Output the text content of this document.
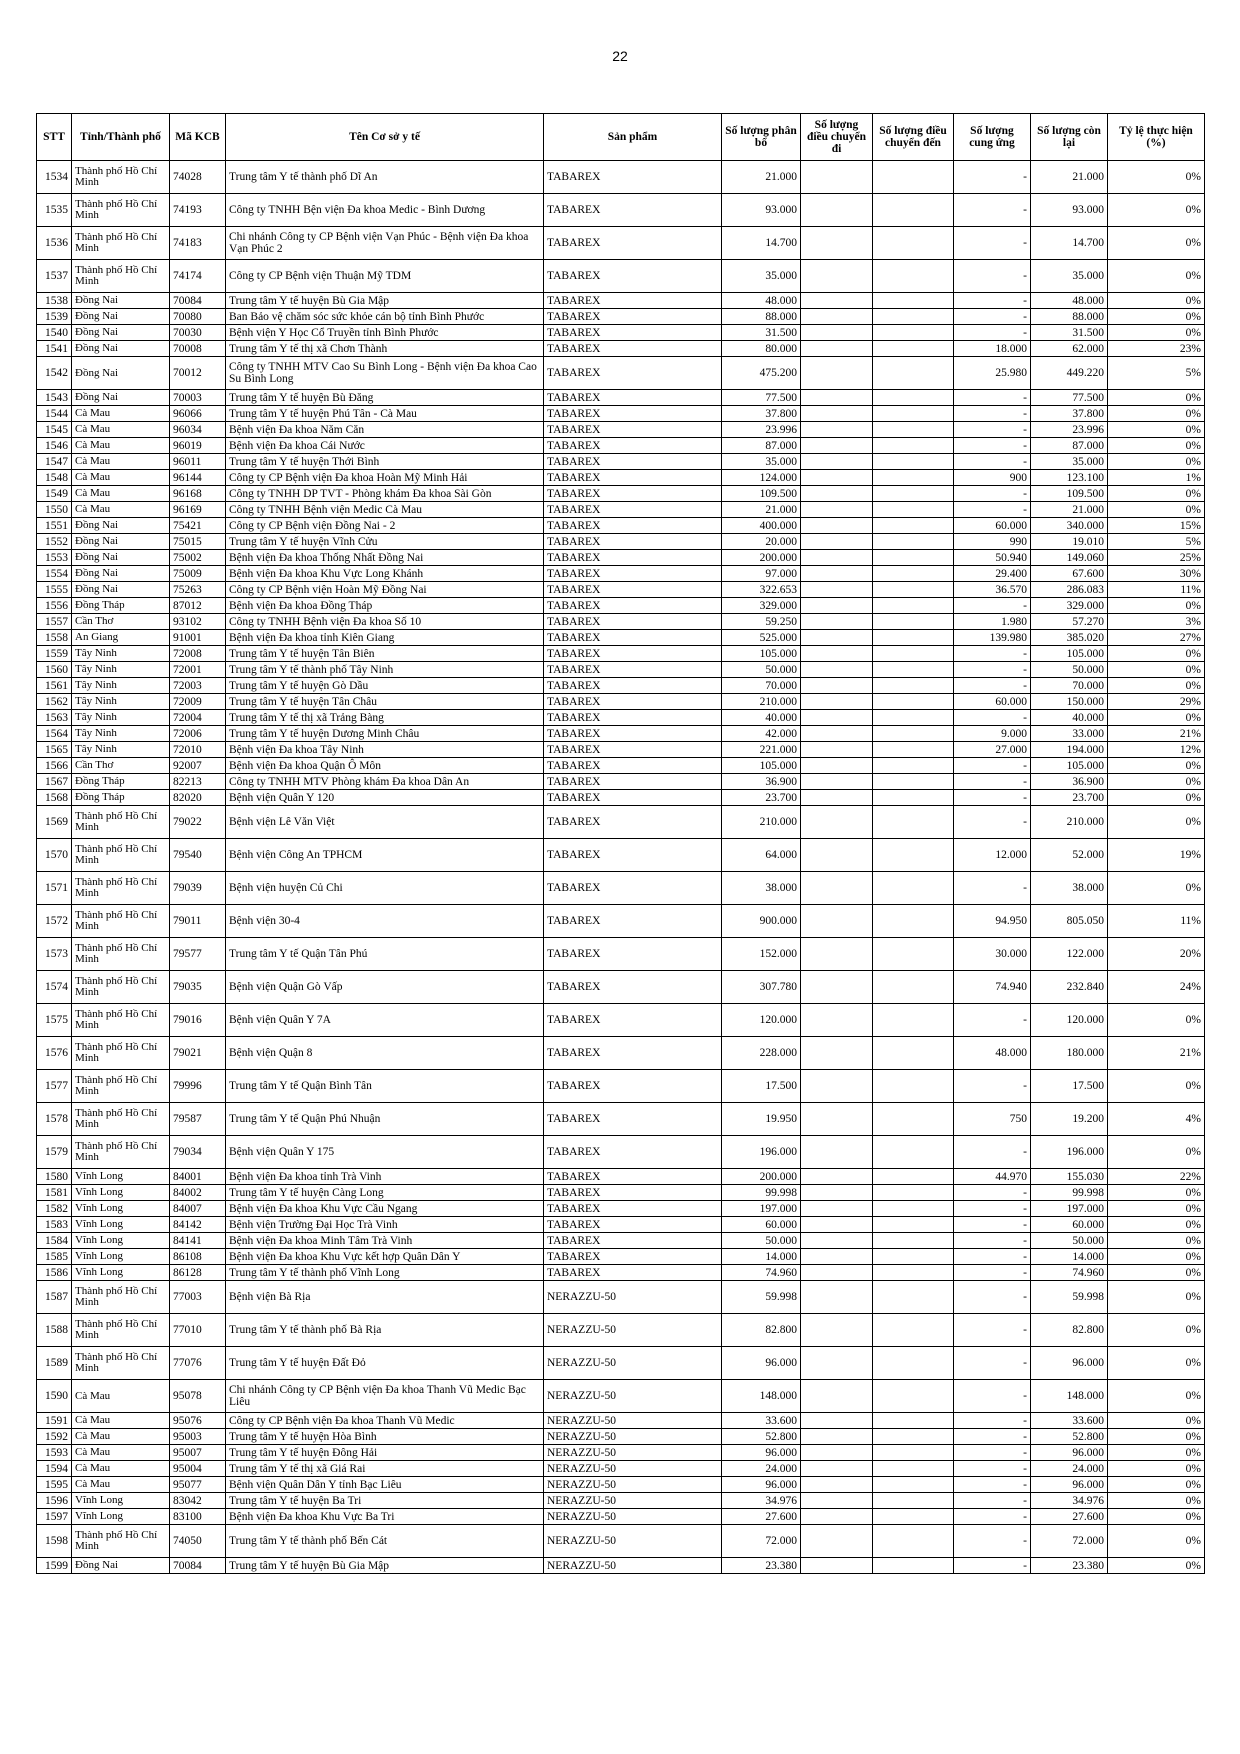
22
STT	Tỉnh/Thành phố	Mã KCB	Tên Cơ sở y tế	Sản phẩm	Số lượng phân bổ	Số lượng điều chuyển đi	Số lượng điều chuyển đến	Số lượng cung ứng	Số lượng còn lại	Tỷ lệ thực hiện (%)
1534	Thành phố Hồ Chí Minh	74028	Trung tâm Y tế thành phố Dĩ An	TABAREX	21.000			-	21.000	0%
1535	Thành phố Hồ Chí Minh	74193	Công ty TNHH Bện viện Đa khoa Medic - Bình Dương	TABAREX	93.000			-	93.000	0%
1536	Thành phố Hồ Chí Minh	74183	Chi nhánh Công ty CP Bệnh viện Vạn Phúc - Bệnh viện Đa khoa Vạn Phúc 2	TABAREX	14.700			-	14.700	0%
1537	Thành phố Hồ Chí Minh	74174	Công ty CP Bệnh viện Thuận Mỹ TDM	TABAREX	35.000			-	35.000	0%
1538	Đồng Nai	70084	Trung tâm Y tế huyện Bù Gia Mập	TABAREX	48.000			-	48.000	0%
1539	Đồng Nai	70080	Ban Bảo vệ chăm sóc sức khỏe cán bộ tỉnh Bình Phước	TABAREX	88.000			-	88.000	0%
1540	Đồng Nai	70030	Bệnh viện Y Học Cổ Truyền tỉnh Bình Phước	TABAREX	31.500			-	31.500	0%
1541	Đồng Nai	70008	Trung tâm Y tế thị xã Chơn Thành	TABAREX	80.000			18.000	62.000	23%
1542	Đồng Nai	70012	Công ty TNHH MTV Cao Su Bình Long - Bệnh viện Đa khoa Cao Su Bình Long	TABAREX	475.200			25.980	449.220	5%
1543	Đồng Nai	70003	Trung tâm Y tế huyện Bù Đăng	TABAREX	77.500			-	77.500	0%
1544	Cà Mau	96066	Trung tâm Y tế huyện Phú Tân - Cà Mau	TABAREX	37.800			-	37.800	0%
1545	Cà Mau	96034	Bệnh viện Đa khoa Năm Căn	TABAREX	23.996			-	23.996	0%
1546	Cà Mau	96019	Bệnh viện Đa khoa Cái Nước	TABAREX	87.000			-	87.000	0%
1547	Cà Mau	96011	Trung tâm Y tế huyện Thới Bình	TABAREX	35.000			-	35.000	0%
1548	Cà Mau	96144	Công ty CP Bệnh viện Đa khoa Hoàn Mỹ Minh Hải	TABAREX	124.000			900	123.100	1%
1549	Cà Mau	96168	Công ty TNHH DP TVT - Phòng khám Đa khoa Sài Gòn	TABAREX	109.500			-	109.500	0%
1550	Cà Mau	96169	Công ty TNHH Bệnh viện Medic Cà Mau	TABAREX	21.000			-	21.000	0%
1551	Đồng Nai	75421	Công ty CP Bệnh viện Đồng Nai - 2	TABAREX	400.000			60.000	340.000	15%
1552	Đồng Nai	75015	Trung tâm Y tế huyện Vĩnh Cửu	TABAREX	20.000			990	19.010	5%
1553	Đồng Nai	75002	Bệnh viện Đa khoa Thống Nhất Đồng Nai	TABAREX	200.000			50.940	149.060	25%
1554	Đồng Nai	75009	Bệnh viện Đa khoa Khu Vực Long Khánh	TABAREX	97.000			29.400	67.600	30%
1555	Đồng Nai	75263	Công ty CP Bệnh viện Hoàn Mỹ Đồng Nai	TABAREX	322.653			36.570	286.083	11%
1556	Đồng Tháp	87012	Bệnh viện Đa khoa Đồng Tháp	TABAREX	329.000			-	329.000	0%
1557	Cần Thơ	93102	Công ty TNHH Bệnh viện Đa khoa Số 10	TABAREX	59.250			1.980	57.270	3%
1558	An Giang	91001	Bệnh viện Đa khoa tỉnh Kiên Giang	TABAREX	525.000			139.980	385.020	27%
1559	Tây Ninh	72008	Trung tâm Y tế huyện Tân Biên	TABAREX	105.000			-	105.000	0%
1560	Tây Ninh	72001	Trung tâm Y tế thành phố Tây Ninh	TABAREX	50.000			-	50.000	0%
1561	Tây Ninh	72003	Trung tâm Y tế huyện Gò Dầu	TABAREX	70.000			-	70.000	0%
1562	Tây Ninh	72009	Trung tâm Y tế huyện Tân Châu	TABAREX	210.000			60.000	150.000	29%
1563	Tây Ninh	72004	Trung tâm Y tế thị xã Trảng Bàng	TABAREX	40.000			-	40.000	0%
1564	Tây Ninh	72006	Trung tâm Y tế huyện Dương Minh Châu	TABAREX	42.000			9.000	33.000	21%
1565	Tây Ninh	72010	Bệnh viện Đa khoa Tây Ninh	TABAREX	221.000			27.000	194.000	12%
1566	Cần Thơ	92007	Bệnh viện Đa khoa Quận Ô Môn	TABAREX	105.000			-	105.000	0%
1567	Đồng Tháp	82213	Công ty TNHH MTV Phòng khám Đa khoa Dân An	TABAREX	36.900			-	36.900	0%
1568	Đồng Tháp	82020	Bệnh viện Quân Y 120	TABAREX	23.700			-	23.700	0%
1569	Thành phố Hồ Chí Minh	79022	Bệnh viện Lê Văn Việt	TABAREX	210.000			-	210.000	0%
1570	Thành phố Hồ Chí Minh	79540	Bệnh viện Công An TPHCM	TABAREX	64.000			12.000	52.000	19%
1571	Thành phố Hồ Chí Minh	79039	Bệnh viện huyện Củ Chi	TABAREX	38.000			-	38.000	0%
1572	Thành phố Hồ Chí Minh	79011	Bệnh viện 30-4	TABAREX	900.000			94.950	805.050	11%
1573	Thành phố Hồ Chí Minh	79577	Trung tâm Y tế Quận Tân Phú	TABAREX	152.000			30.000	122.000	20%
1574	Thành phố Hồ Chí Minh	79035	Bệnh viện Quận Gò Vấp	TABAREX	307.780			74.940	232.840	24%
1575	Thành phố Hồ Chí Minh	79016	Bệnh viện Quân Y 7A	TABAREX	120.000			-	120.000	0%
1576	Thành phố Hồ Chí Minh	79021	Bệnh viện Quận 8	TABAREX	228.000			48.000	180.000	21%
1577	Thành phố Hồ Chí Minh	79996	Trung tâm Y tế Quận Bình Tân	TABAREX	17.500			-	17.500	0%
1578	Thành phố Hồ Chí Minh	79587	Trung tâm Y tế Quận Phú Nhuận	TABAREX	19.950			750	19.200	4%
1579	Thành phố Hồ Chí Minh	79034	Bệnh viện Quân Y 175	TABAREX	196.000			-	196.000	0%
1580	Vĩnh Long	84001	Bệnh viện Đa khoa tỉnh Trà Vinh	TABAREX	200.000			44.970	155.030	22%
1581	Vĩnh Long	84002	Trung tâm Y tế huyện Càng Long	TABAREX	99.998			-	99.998	0%
1582	Vĩnh Long	84007	Bệnh viện Đa khoa Khu Vực Cầu Ngang	TABAREX	197.000			-	197.000	0%
1583	Vĩnh Long	84142	Bệnh viện Trường Đại Học Trà Vinh	TABAREX	60.000			-	60.000	0%
1584	Vĩnh Long	84141	Bệnh viện Đa khoa Minh Tâm Trà Vinh	TABAREX	50.000			-	50.000	0%
1585	Vĩnh Long	86108	Bệnh viện Đa khoa Khu Vực kết hợp Quân Dân Y	TABAREX	14.000			-	14.000	0%
1586	Vĩnh Long	86128	Trung tâm Y tế thành phố Vĩnh Long	TABAREX	74.960			-	74.960	0%
1587	Thành phố Hồ Chí Minh	77003	Bệnh viện Bà Rịa	NERAZZU-50	59.998			-	59.998	0%
1588	Thành phố Hồ Chí Minh	77010	Trung tâm Y tế thành phố Bà Rịa	NERAZZU-50	82.800			-	82.800	0%
1589	Thành phố Hồ Chí Minh	77076	Trung tâm Y tế huyện Đất Đỏ	NERAZZU-50	96.000			-	96.000	0%
1590	Cà Mau	95078	Chi nhánh Công ty CP Bệnh viện Đa khoa Thanh Vũ Medic Bạc Liêu	NERAZZU-50	148.000			-	148.000	0%
1591	Cà Mau	95076	Công ty CP Bệnh viện Đa khoa Thanh Vũ Medic	NERAZZU-50	33.600			-	33.600	0%
1592	Cà Mau	95003	Trung tâm Y tế huyện Hòa Bình	NERAZZU-50	52.800			-	52.800	0%
1593	Cà Mau	95007	Trung tâm Y tế huyện Đông Hải	NERAZZU-50	96.000			-	96.000	0%
1594	Cà Mau	95004	Trung tâm Y tế thị xã Giá Rai	NERAZZU-50	24.000			-	24.000	0%
1595	Cà Mau	95077	Bệnh viện Quân Dân Y tỉnh Bạc Liêu	NERAZZU-50	96.000			-	96.000	0%
1596	Vĩnh Long	83042	Trung tâm Y tế huyện Ba Tri	NERAZZU-50	34.976			-	34.976	0%
1597	Vĩnh Long	83100	Bệnh viện Đa khoa Khu Vực Ba Tri	NERAZZU-50	27.600			-	27.600	0%
1598	Thành phố Hồ Chí Minh	74050	Trung tâm Y tế thành phố Bến Cát	NERAZZU-50	72.000			-	72.000	0%
1599	Đồng Nai	70084	Trung tâm Y tế huyện Bù Gia Mập	NERAZZU-50	23.380			-	23.380	0%
